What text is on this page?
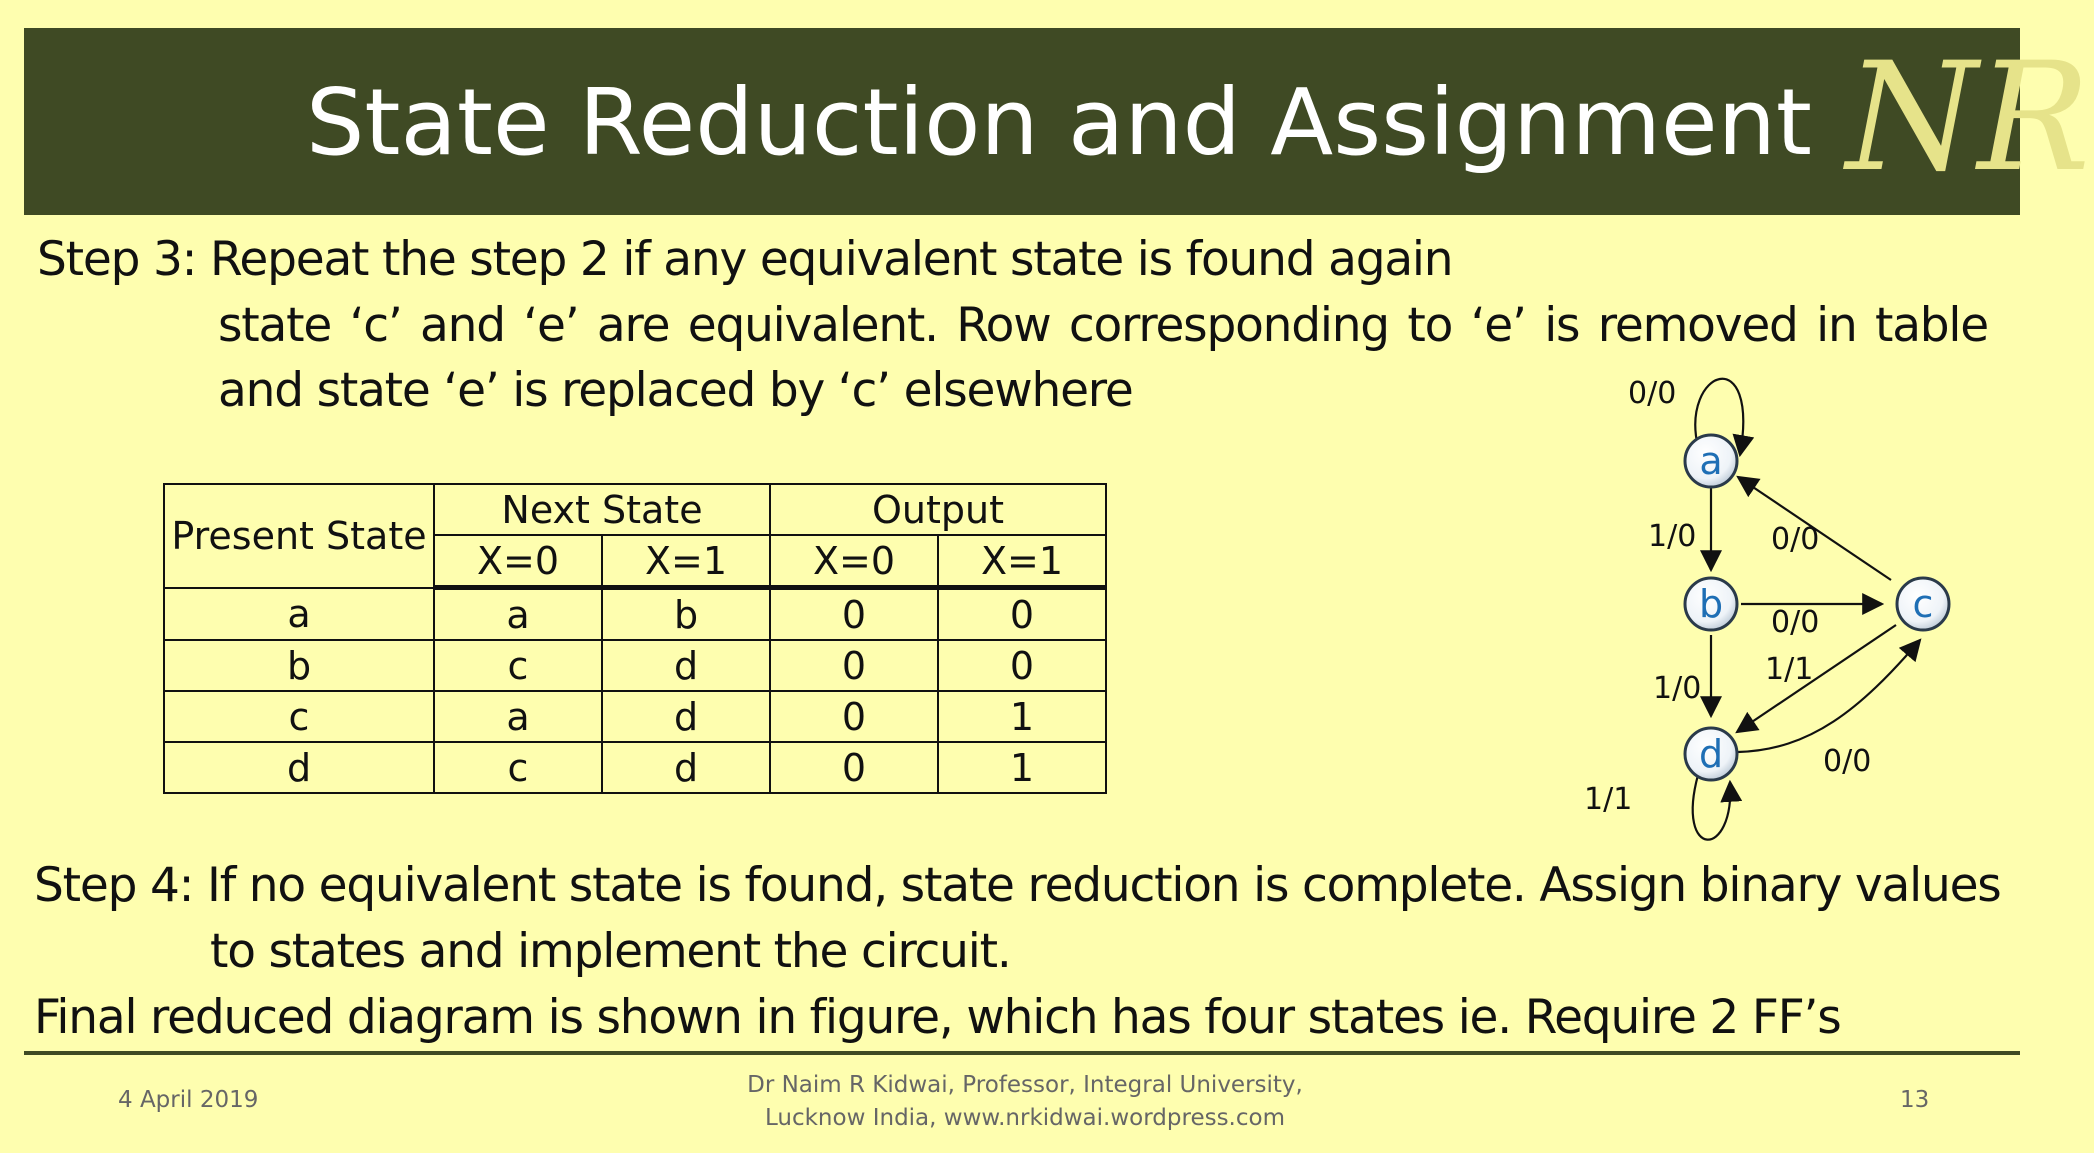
State Reduction and Assignment NR
Step 3: Repeat the step 2 if any equivalent state is found again
state ‘c’ and ‘e’ are equivalent. Row corresponding to ‘e’ is removed in table
and state ‘e’ is replaced by ‘c’ elsewhere
Present State	Next State		Output	
	X=0	X=1	X=0	X=1
a	a	b	0	0
b	c	d	0	0
c	a	d	0	1
d	c	d	0	1
a
b	c
d
0/0
1/0 0/0
0/0
1/0
1/1
0/0
1/1
Step 4: If no equivalent state is found, state reduction is complete. Assign binary values
to states and implement the circuit.
Final reduced diagram is shown in figure, which has four states ie. Require 2 FF’s
4 April 2019
Dr Naim R Kidwai, Professor, Integral University,
Lucknow India, www.nrkidwai.wordpress.com
13
